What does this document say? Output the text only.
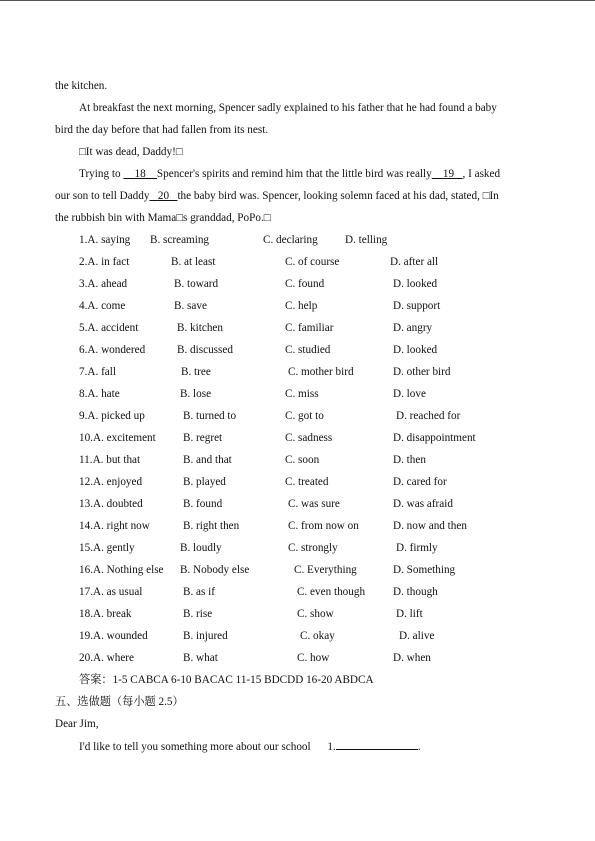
the kitchen.
At breakfast the next morning, Spencer sadly explained to his father that he had found a baby
bird the day before that had fallen from its nest.
□It was dead, Daddy!□
Trying to     18 Spencer's spirits and remind him that the little bird was really 19 , I asked
our son to tell Daddy 20 the baby bird was. Spencer, looking solemn faced at his dad, stated, □In
the rubbish bin with Mama□s granddad, PoPo.□
1.A. saying B. screaming	C. declaring D. telling
2.A. in fact	B. at least	C. of course	D. after all
3.A. ahead	B. toward	C. found	D. looked
4.A. come	B. save	C. help	D. support
5.A. accident	B. kitchen	C. familiar	D. angry
6.A. wondered	B. discussed	C. studied	D. looked
7.A. fall	B. tree	C. mother bird	D. other bird
8.A. hate	B. lose	C. miss	D. love
9.A. picked up	B. turned to	C. got to	D. reached for
10.A. excitement B. regret	C. sadness	D. disappointment
11.A. but that	B. and that	C. soon	D. then
12.A. enjoyed	B. played	C. treated	D. cared for
13.A. doubted	B. found	C. was sure	D. was afraid
14.A. right now	B. right then	C. from now on	D. now and then
15.A. gently	B. loudly	C. strongly	D. firmly
16.A. Nothing else B. Nobody else	C. Everything	D. Something
17.A. as usual	B. as if	C. even though D. though
18.A. break	B. rise	C. show	D. lift
19.A. wounded	B. injured	C. okay	D. alive
20.A. where	B. what	C. how	D. when
答案：1-5 CABCA 6-10 BACAC 11-15 BDCDD 16-20 ABDCA
五、选做题（每小题 2.5）
Dear Jim,
I'd like to tell you something more about our school 1.	.
